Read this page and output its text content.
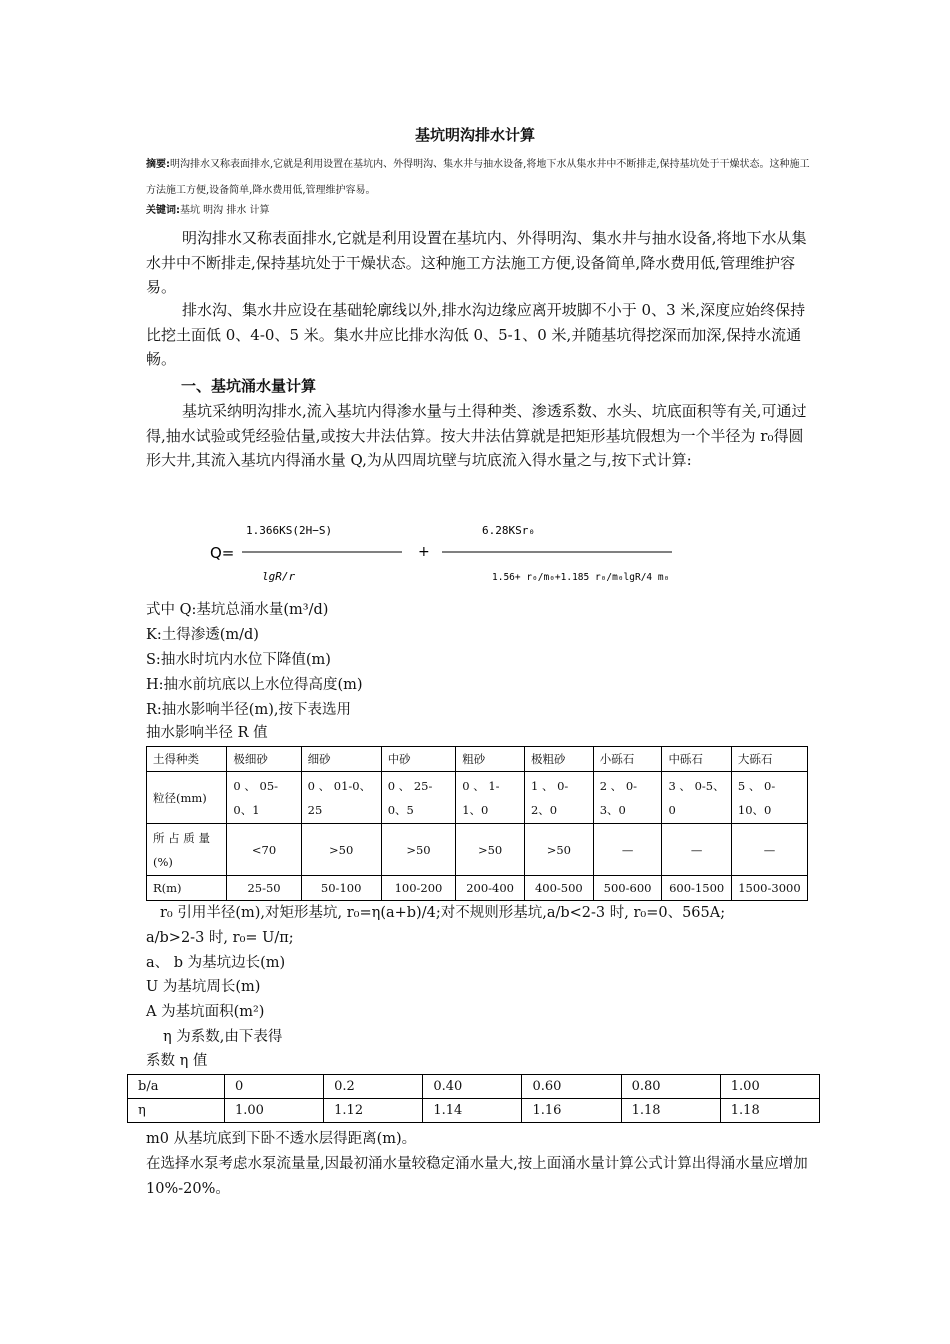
基坑明沟排水计算
摘要:明沟排水又称表面排水,它就是利用设置在基坑内、外得明沟、集水井与抽水设备,将地下水从集水井中不断排走,保持基坑处于干燥状态。这种施工方法施工方便,设备简单,降水费用低,管理维护容易。
关键词:基坑 明沟 排水 计算
明沟排水又称表面排水,它就是利用设置在基坑内、外得明沟、集水井与抽水设备,将地下水从集水井中不断排走,保持基坑处于干燥状态。这种施工方法施工方便,设备简单,降水费用低,管理维护容易。
排水沟、集水井应设在基础轮廓线以外,排水沟边缘应离开坡脚不小于 0、3 米,深度应始终保持比挖土面低 0、4-0、5 米。集水井应比排水沟低 0、5-1、0 米,并随基坑得挖深而加深,保持水流通畅。
一、基坑涌水量计算
基坑采纳明沟排水,流入基坑内得渗水量与土得种类、渗透系数、水头、坑底面积等有关,可通过得,抽水试验或凭经验估量,或按大井法估算。按大井法估算就是把矩形基坑假想为一个半径为 r₀得圆形大井,其流入基坑内得涌水量 Q,为从四周坑壁与坑底流入得水量之与,按下式计算:
Q=
1.366KS(2H−S)
lgR/r
+
6.28KSr₀
1.56+ r₀/m₀+1.185 r₀/m₀lgR/4 m₀
式中 Q:基坑总涌水量(m³/d)
K:土得渗透(m/d)
S:抽水时坑内水位下降值(m)
H:抽水前坑底以上水位得高度(m)
R:抽水影响半径(m),按下表选用
抽水影响半径 R 值
土得种类	极细砂	细砂	中砂	粗砂	极粗砂	小砾石	中砾石	大砾石
粒径(mm)	0 、 05-0、1	0 、 01-0、25	0 、 25-0、5	0 、 1-1、0	1 、 0-2、0	2 、 0-3、0	3 、 0-5、0	5 、 0-10、0
所 占 质 量(%)	<70	>50	>50	>50	>50	—	—	—
R(m)	25-50	50-100	100-200	200-400	400-500	500-600	600-1500	1500-3000
r₀ 引用半径(m),对矩形基坑, r₀=η(a+b)/4;对不规则形基坑,a/b<2-3 时, r₀=0、565A;
a/b>2-3 时, r₀= U/π;
a、 b 为基坑边长(m)
U 为基坑周长(m)
A 为基坑面积(m²)
η 为系数,由下表得
系数 η 值
b/a	0	0.2	0.40	0.60	0.80	1.00
η	1.00	1.12	1.14	1.16	1.18	1.18
m0 从基坑底到下卧不透水层得距离(m)。
在选择水泵考虑水泵流量量,因最初涌水量较稳定涌水量大,按上面涌水量计算公式计算出得涌水量应增加 10%-20%。
